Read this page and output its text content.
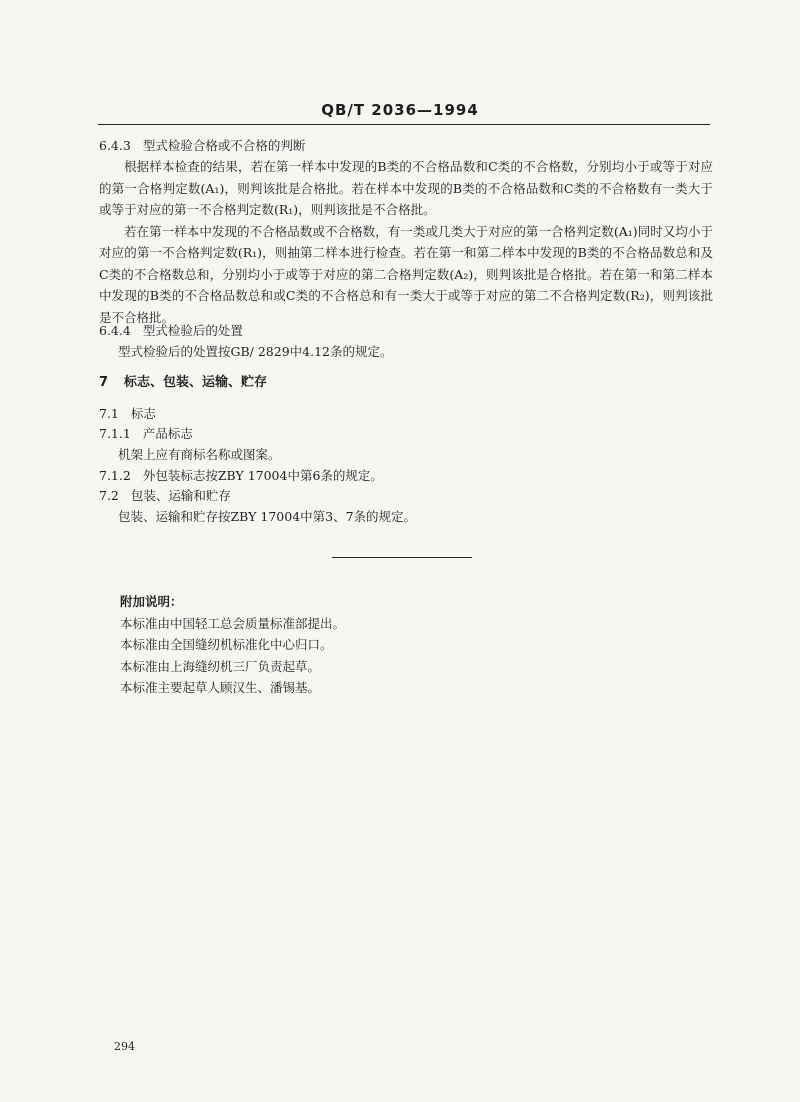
QB/T 2036—1994
6.4.3 型式检验合格或不合格的判断

根据样本检查的结果，若在第一样本中发现的B类的不合格品数和C类的不合格数，分别均小于或等于对应的第一合格判定数(A₁)，则判该批是合格批。若在样本中发现的B类的不合格品数和C类的不合格数有一类大于或等于对应的第一不合格判定数(R₁)，则判该批是不合格批。

若在第一样本中发现的不合格品数或不合格数，有一类或几类大于对应的第一合格判定数(A₁)同时又均小于对应的第一不合格判定数(R₁)，则抽第二样本进行检查。若在第一和第二样本中发现的B类的不合格品数总和及C类的不合格数总和，分别均小于或等于对应的第二合格判定数(A₂)，则判该批是合格批。若在第一和第二样本中发现的B类的不合格品数总和或C类的不合格总和有一类大于或等于对应的第二不合格判定数(R₂)，则判该批是不合格批。

6.4.4 型式检验后的处置
型式检验后的处置按GB/ 2829中4.12条的规定。
7 标志、包装、运输、贮存
7.1 标志
7.1.1 产品标志
机架上应有商标名称或图案。
7.1.2 外包装标志按ZBY 17004中第6条的规定。
7.2 包装、运输和贮存
包装、运输和贮存按ZBY 17004中第3、7条的规定。
附加说明：
本标准由中国轻工总会质量标准部提出。
本标准由全国缝纫机标准化中心归口。
本标准由上海缝纫机三厂负责起草。
本标准主要起草人顾汉生、潘锡基。
294
